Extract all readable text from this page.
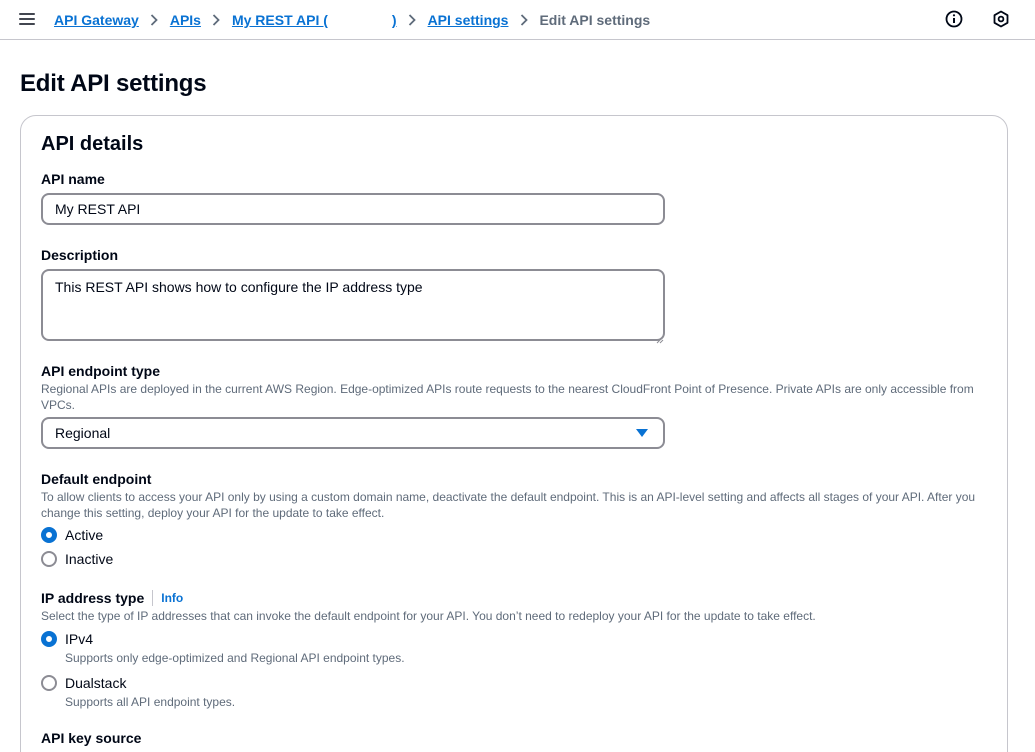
API Gateway APIs My REST API (	) API settings Edit API settings
Edit API settings
API details
API name
My REST API
Description
This REST API shows how to configure the IP address type
API endpoint type
Regional APIs are deployed in the current AWS Region. Edge-optimized APIs route requests to the nearest CloudFront Point of Presence. Private APIs are only accessible from VPCs.
Regional
Default endpoint
To allow clients to access your API only by using a custom domain name, deactivate the default endpoint. This is an API-level setting and affects all stages of your API. After you change this setting, deploy your API for the update to take effect.
Active
Inactive
IP address type Info
Select the type of IP addresses that can invoke the default endpoint for your API. You don’t need to redeploy your API for the update to take effect.
IPv4
Supports only edge-optimized and Regional API endpoint types.
Dualstack
Supports all API endpoint types.
API key source
